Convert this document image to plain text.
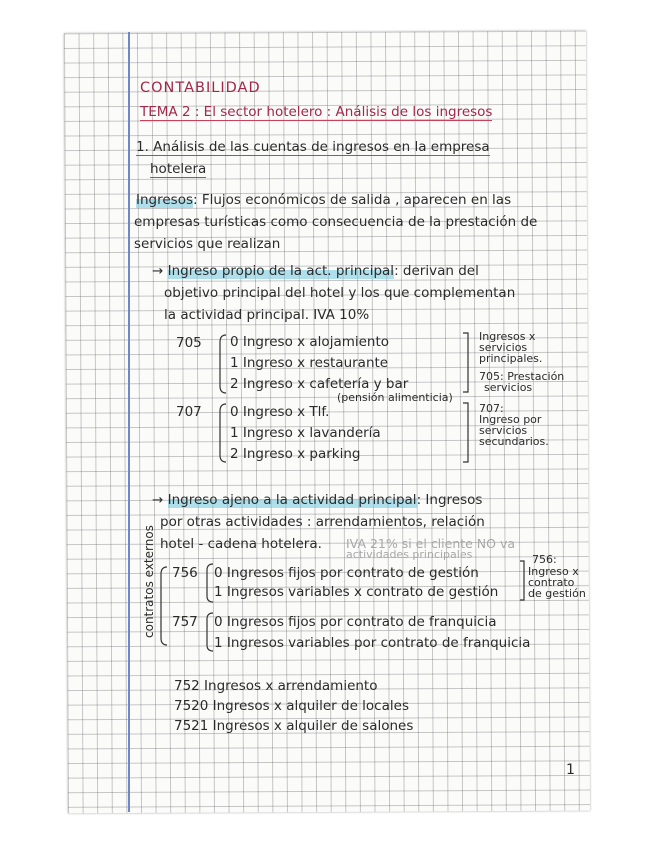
CONTABILIDAD
TEMA 2 : El sector hotelero : Análisis de los ingresos
1. Análisis de las cuentas de ingresos en la empresa
hotelera
Ingresos: Flujos económicos de salida , aparecen en las
empresas turísticas como consecuencia de la prestación de
servicios que realizan
→ Ingreso propio de la act. principal: derivan del
objetivo principal del hotel y los que complementan
la actividad principal. IVA 10%
705 0 Ingreso x alojamiento
1 Ingreso x restaurante
2 Ingreso x cafetería y bar
(pensión alimenticia)
Ingresos x
servicios
principales.
705: Prestación
servicios
707 0 Ingreso x Tlf.
1 Ingreso x lavandería
2 Ingreso x parking
707:
Ingreso por
servicios
secundarios.
→ Ingreso ajeno a la actividad principal: Ingresos
por otras actividades : arrendamientos, relación
hotel - cadena hotelera. IVA 21% si el cliente NO va
actividades principales
contratos externos 756 0 Ingresos fijos por contrato de gestión
1 Ingresos variables x contrato de gestión
756:
Ingreso x
contrato
de gestión
757 0 Ingresos fijos por contrato de franquicia
1 Ingresos variables por contrato de franquicia
752 Ingresos x arrendamiento
7520 Ingresos x alquiler de locales
7521 Ingresos x alquiler de salones
1
